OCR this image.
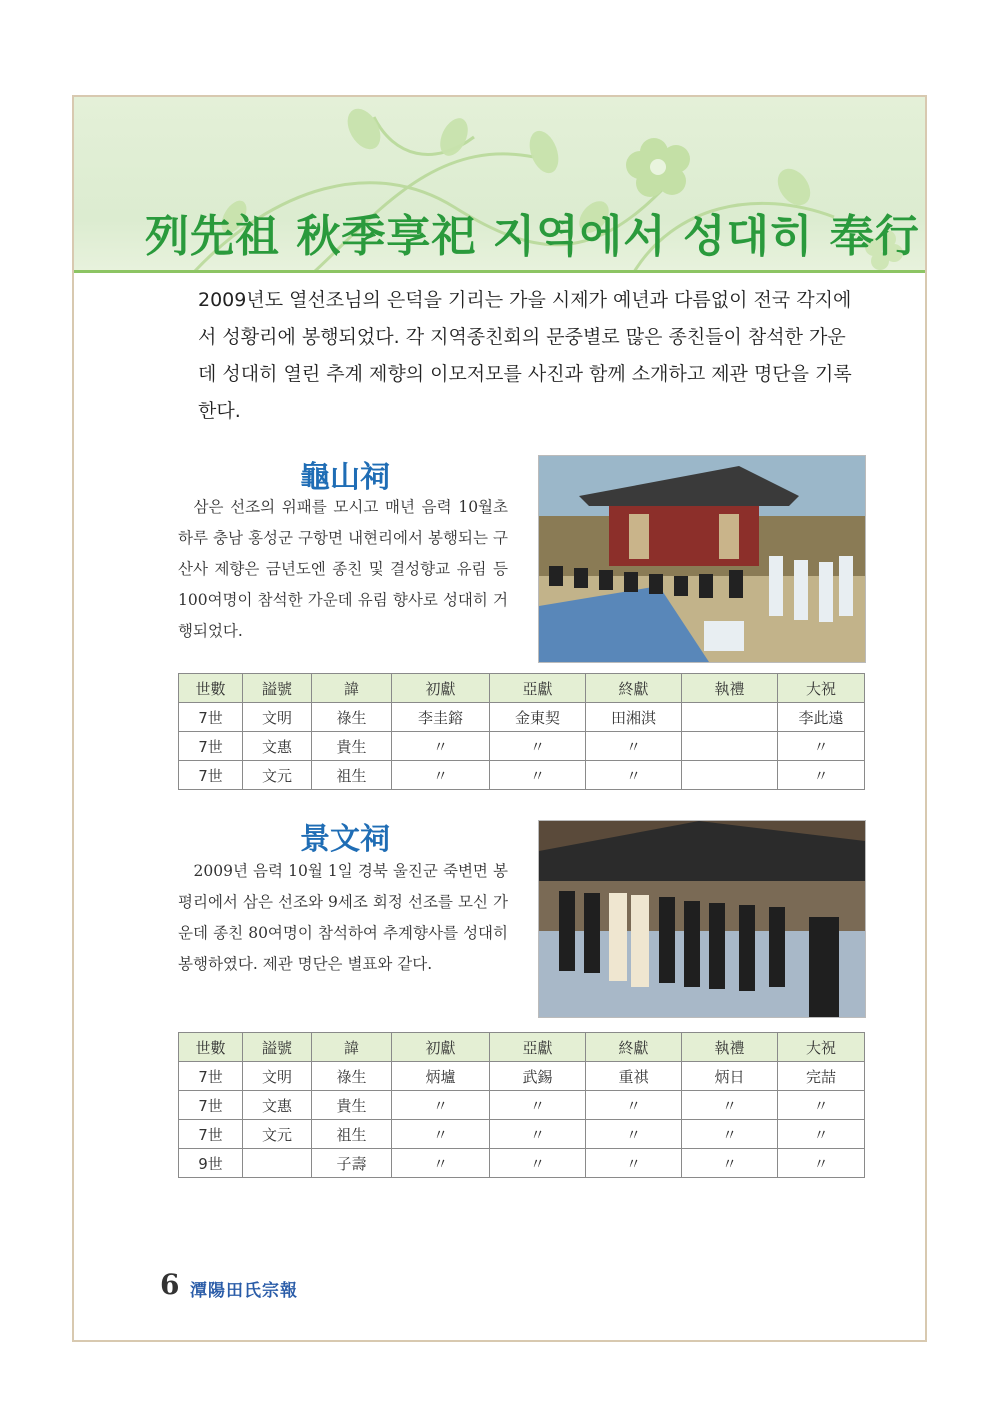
列先祖 秋季享祀 지역에서 성대히 奉行

2009년도 열선조님의 은덕을 기리는 가을 시제가 예년과 다름없이 전국 각지에서 성황리에 봉행되었다. 각 지역종친회의 문중별로 많은 종친들이 참석한 가운데 성대히 열린 추계 제향의 이모저모를 사진과 함께 소개하고 제관 명단을 기록한다.

龜山祠

삼은 선조의 위패를 모시고 매년 음력 10월초 하루 충남 홍성군 구항면 내현리에서 봉행되는 구산사 제향은 금년도엔 종친 및 결성향교 유림 등 100여명이 참석한 가운데 유림 향사로 성대히 거행되었다.

世數	謚號	諱	初獻	亞獻	終獻	執禮	大祝
7世	文明	祿生	李圭鎔	金東契	田湘淇		李此遠
7世	文惠	貴生	〃	〃	〃		〃
7世	文元	祖生	〃	〃	〃		〃
景文祠

2009년 음력 10월 1일 경북 울진군 죽변면 봉평리에서 삼은 선조와 9세조 회정 선조를 모신 가운데 종친 80여명이 참석하여 추계향사를 성대히 봉행하였다. 제관 명단은 별표와 같다.

世數	謚號	諱	初獻	亞獻	終獻	執禮	大祝
7世	文明	祿生	炳壚	武錫	重祺	炳日	完喆
7世	文惠	貴生	〃	〃	〃	〃	〃
7世	文元	祖生	〃	〃	〃	〃	〃
9世		子壽	〃	〃	〃	〃	〃

6 潭陽田氏宗報
